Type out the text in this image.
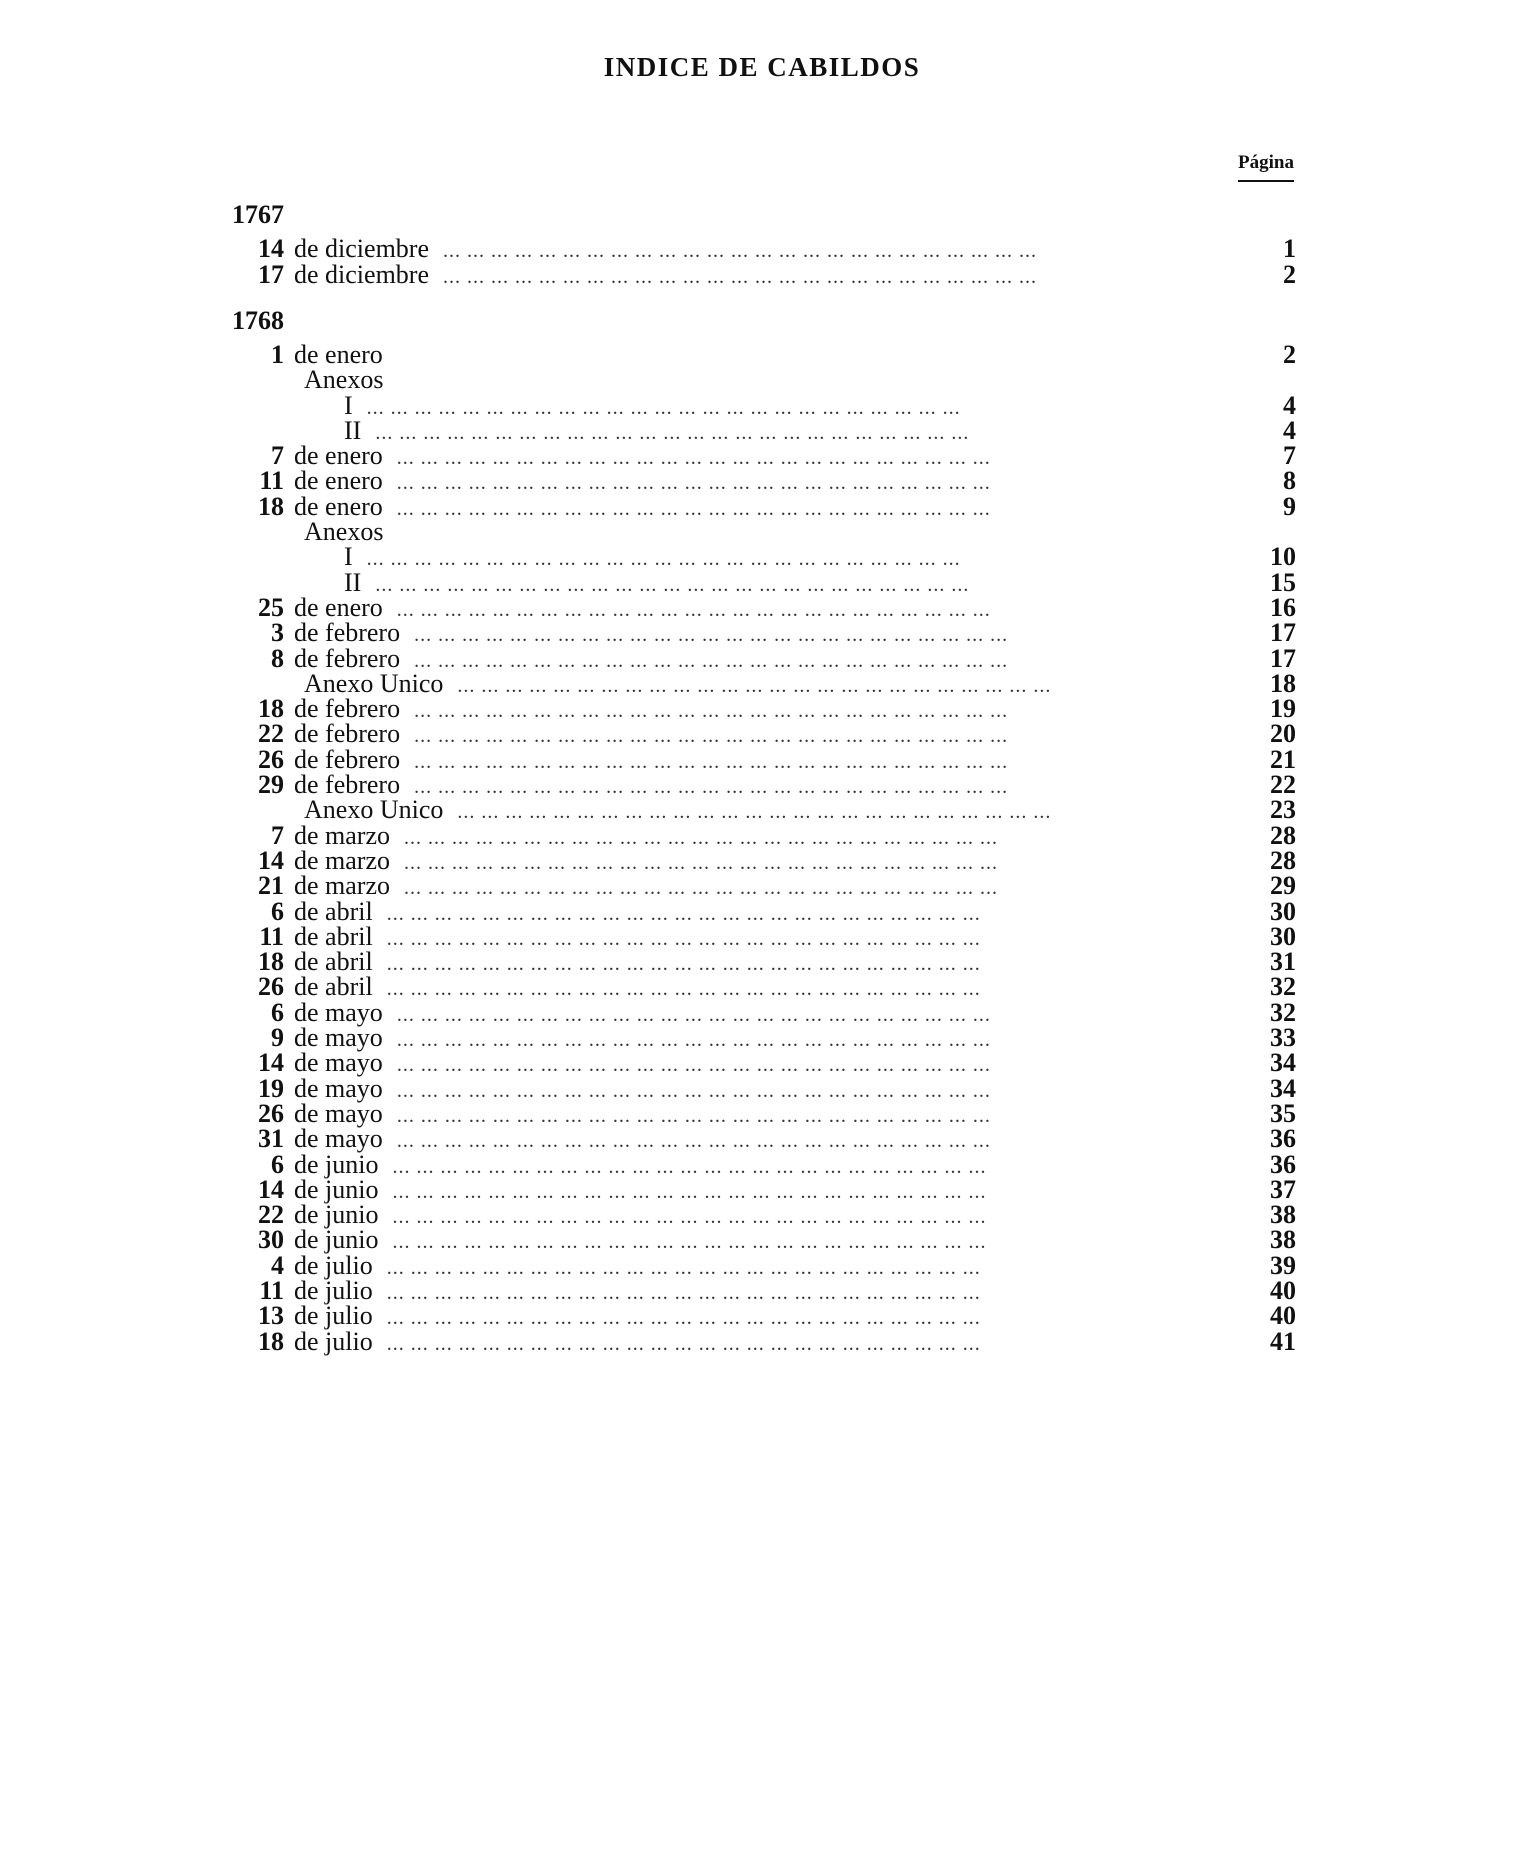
INDICE DE CABILDOS
Página
1767
14 de diciembre ... .	1
17 de diciembre ... .	2
1768
1 de enero	2
Anexos
I ... .	4
II ... .	4
7 de enero ... .	7
11 de enero ... .	8
18 de enero ... .	9
Anexos
I ... .	10
II ... .	15
25 de enero ... .	16
3 de febrero ... .	17
8 de febrero ... .	17
Anexo Unico ... .	18
18 de febrero ... .	19
22 de febrero ... .	20
26 de febrero ... .	21
29 de febrero ... .	22
Anexo Unico ... .	23
7 de marzo ... .	28
14 de marzo ... .	28
21 de marzo ... .	29
6 de abril ... .	30
11 de abril ... .	30
18 de abril ... .	31
26 de abril ... .	32
6 de mayo ... .	32
9 de mayo ... .	33
14 de mayo ... .	34
19 de mayo ... .	34
26 de mayo ... .	35
31 de mayo ... .	36
6 de junio ... .	36
14 de junio ... .	37
22 de junio ... .	38
30 de junio ... .	38
4 de julio ... .	39
11 de julio ... .	40
13 de julio ... .	40
18 de julio ... .	41
